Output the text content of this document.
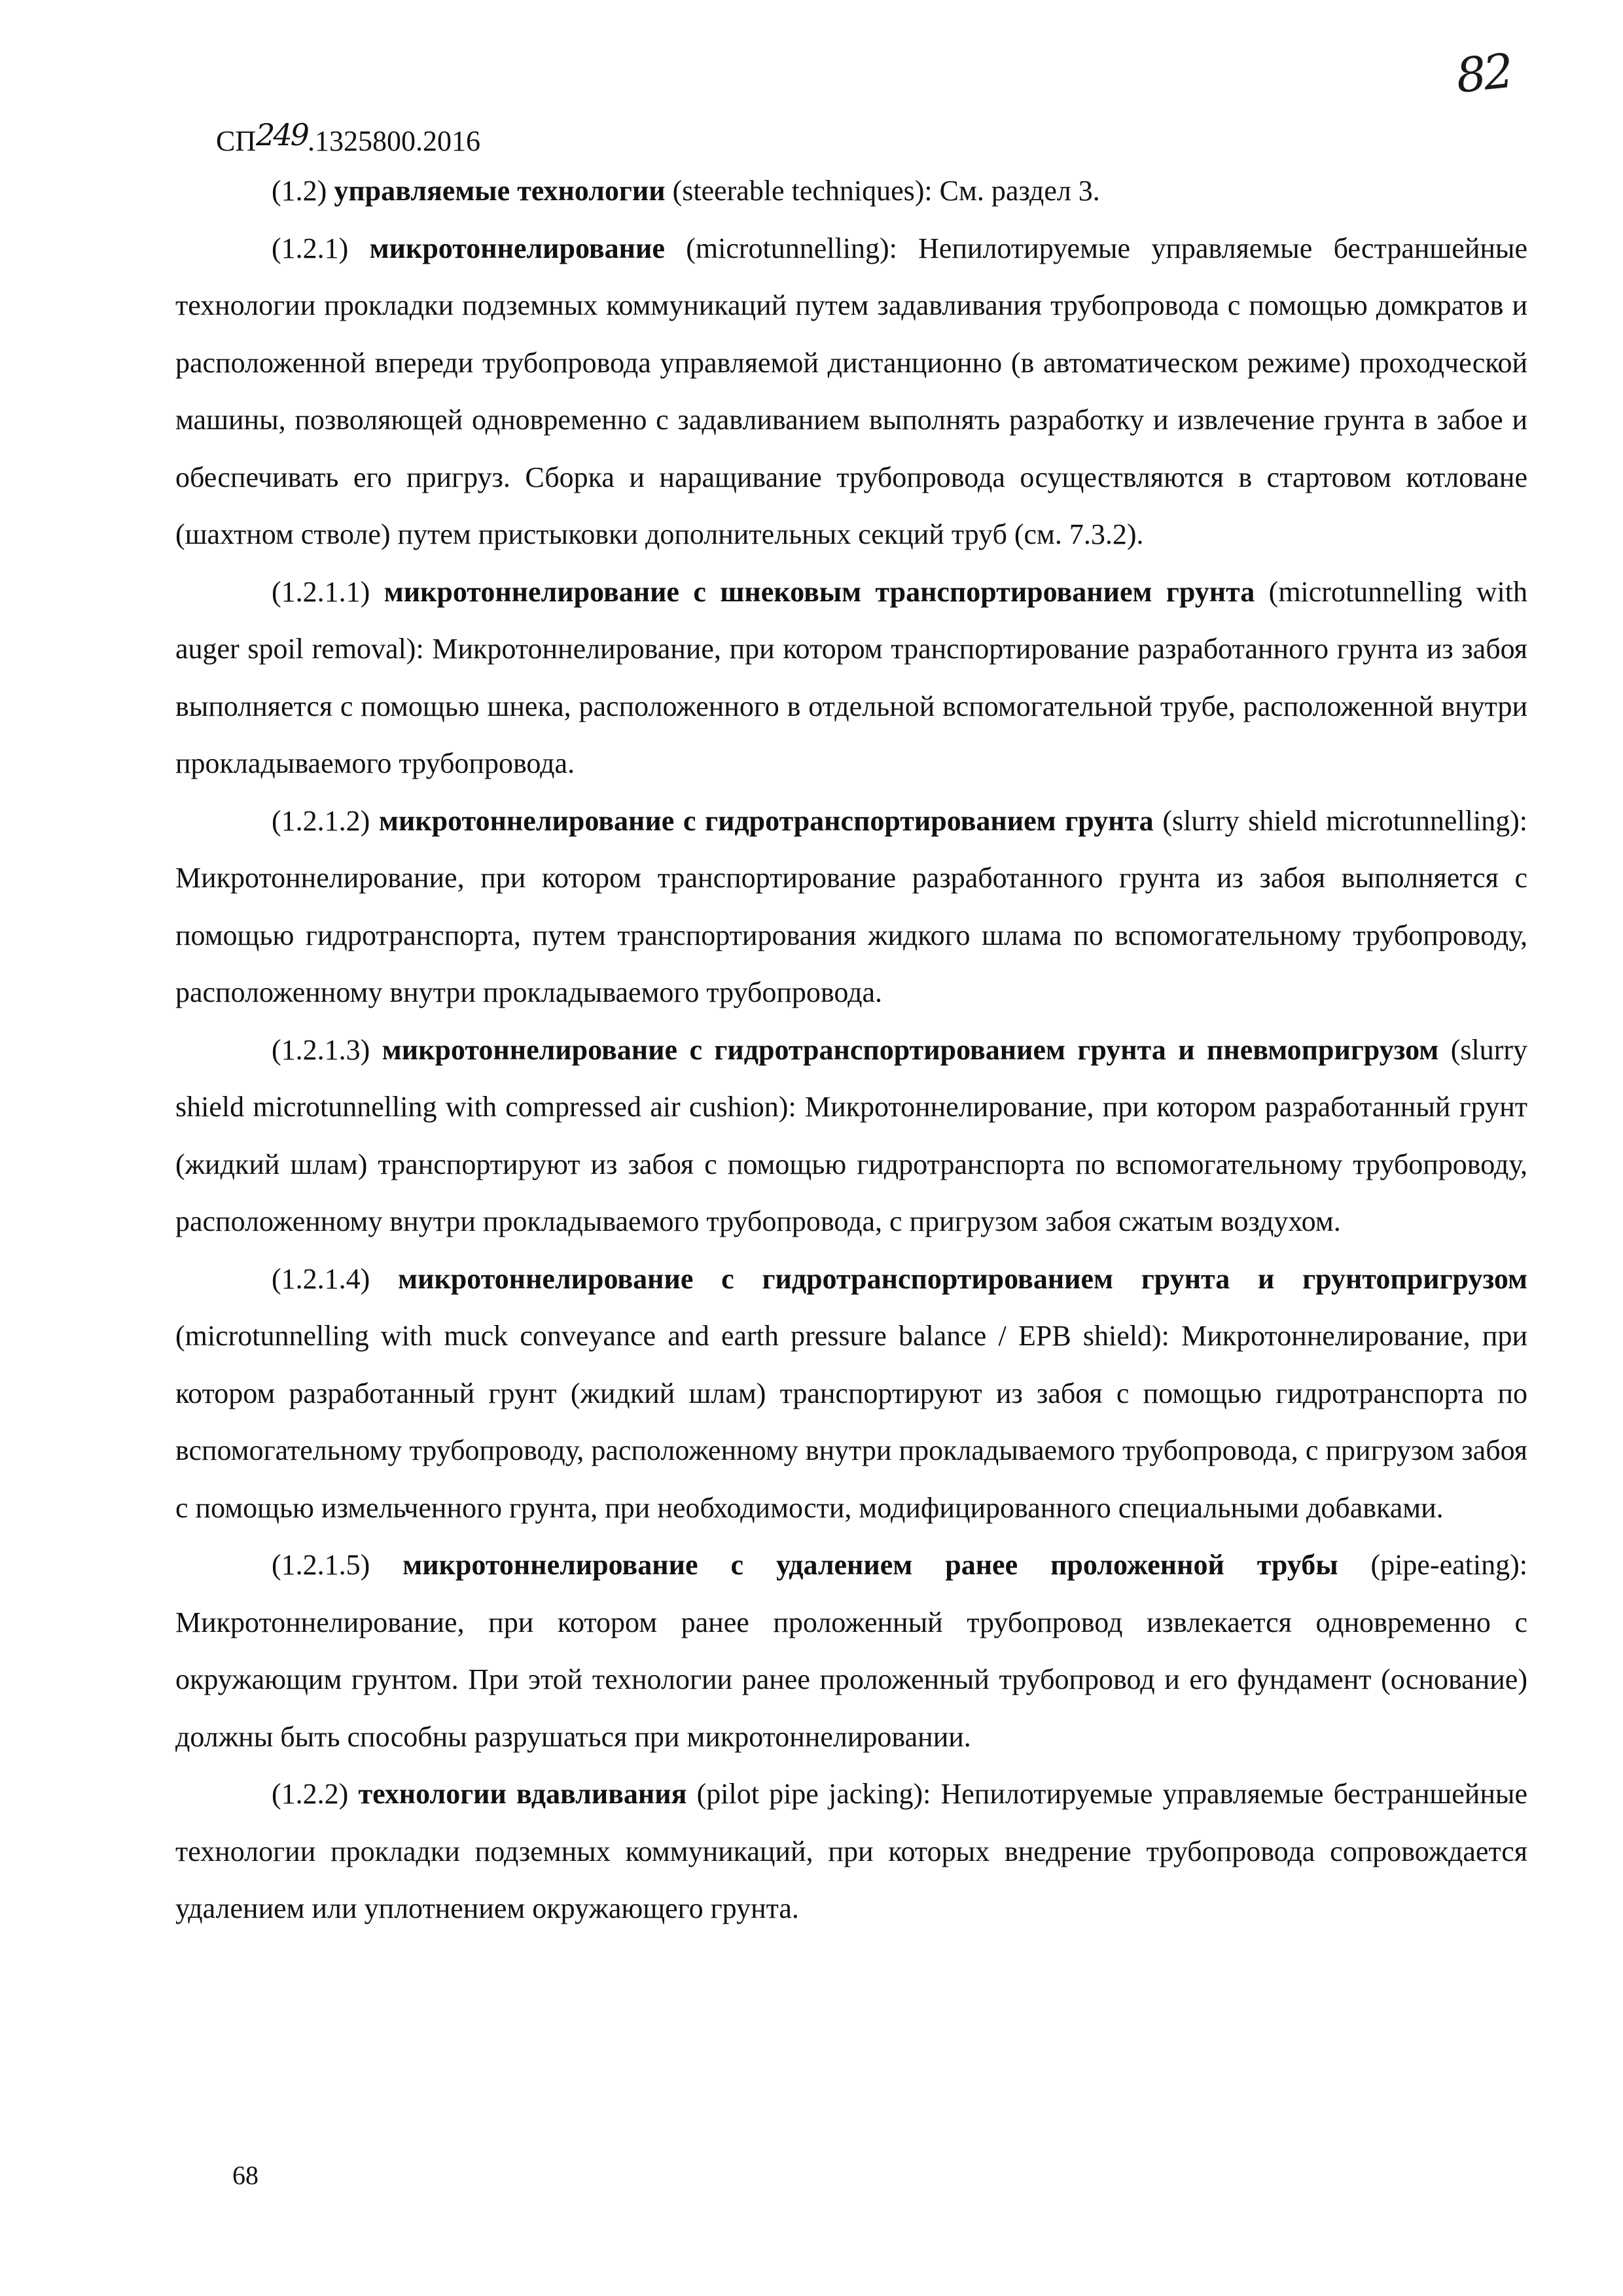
82
СП249.1325800.2016

(1.2) управляемые технологии (steerable techniques): См. раздел 3.

(1.2.1) микротоннелирование (microtunnelling): Непилотируемые управляемые бестраншейные технологии прокладки подземных коммуникаций путем задавливания трубопровода с помощью домкратов и расположенной впереди трубопровода управляемой дистанционно (в автоматическом режиме) проходческой машины, позволяющей одновременно с задавливанием выполнять разработку и извлечение грунта в забое и обеспечивать его пригруз. Сборка и наращивание трубопровода осуществляются в стартовом котловане (шахтном стволе) путем пристыковки дополнительных секций труб (см. 7.3.2).

(1.2.1.1) микротоннелирование с шнековым транспортированием грунта (microtunnelling with auger spoil removal): Микротоннелирование, при котором транспортирование разработанного грунта из забоя выполняется с помощью шнека, расположенного в отдельной вспомогательной трубе, расположенной внутри прокладываемого трубопровода.

(1.2.1.2) микротоннелирование с гидротранспортированием грунта (slurry shield microtunnelling): Микротоннелирование, при котором транспортирование разработанного грунта из забоя выполняется с помощью гидротранспорта, путем транспортирования жидкого шлама по вспомогательному трубопроводу, расположенному внутри прокладываемого трубопровода.

(1.2.1.3) микротоннелирование с гидротранспортированием грунта и пневмопригрузом (slurry shield microtunnelling with compressed air cushion): Микротоннелирование, при котором разработанный грунт (жидкий шлам) транспортируют из забоя с помощью гидротранспорта по вспомогательному трубопроводу, расположенному внутри прокладываемого трубопровода, с пригрузом забоя сжатым воздухом.

(1.2.1.4) микротоннелирование с гидротранспортированием грунта и грунтопригрузом (microtunnelling with muck conveyance and earth pressure balance / EPB shield): Микротоннелирование, при котором разработанный грунт (жидкий шлам) транспортируют из забоя с помощью гидротранспорта по вспомогательному трубопроводу, расположенному внутри прокладываемого трубопровода, с пригрузом забоя с помощью измельченного грунта, при необходимости, модифицированного специальными добавками.

(1.2.1.5) микротоннелирование с удалением ранее проложенной трубы (pipe-eating): Микротоннелирование, при котором ранее проложенный трубопровод извлекается одновременно с окружающим грунтом. При этой технологии ранее проложенный трубопровод и его фундамент (основание) должны быть способны разрушаться при микротоннелировании.

(1.2.2) технологии вдавливания (pilot pipe jacking): Непилотируемые управляемые бестраншейные технологии прокладки подземных коммуникаций, при которых внедрение трубопровода сопровождается удалением или уплотнением окружающего грунта.

68
